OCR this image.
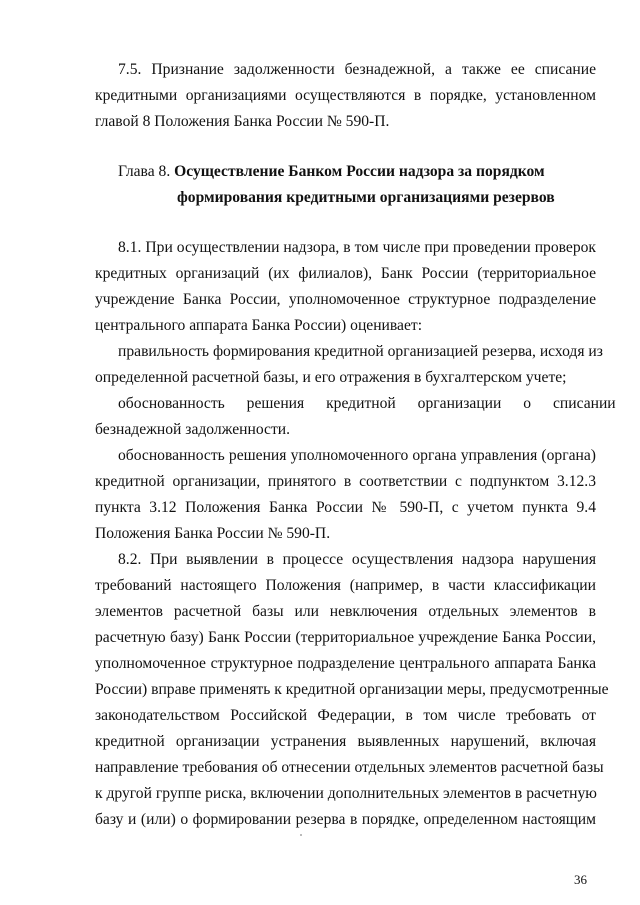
7.5. Признание задолженности безнадежной, а также ее списание
кредитными организациями осуществляются в порядке, установленном
главой 8 Положения Банка России № 590-П.
Глава 8. Осуществление Банком России надзора за порядком
формирования кредитными организациями резервов
8.1. При осуществлении надзора, в том числе при проведении проверок
кредитных организаций (их филиалов), Банк России (территориальное
учреждение Банка России, уполномоченное структурное подразделение
центрального аппарата Банка России) оценивает:
правильность формирования кредитной организацией резерва, исходя из
определенной расчетной базы, и его отражения в бухгалтерском учете;
обоснованность решения кредитной организации о списании
безнадежной задолженности.
обоснованность решения уполномоченного органа управления (органа)
кредитной организации, принятого в соответствии с подпунктом 3.12.3
пункта 3.12 Положения Банка России № 590-П, с учетом пункта 9.4
Положения Банка России № 590-П.
8.2. При выявлении в процессе осуществления надзора нарушения
требований настоящего Положения (например, в части классификации
элементов расчетной базы или невключения отдельных элементов в
расчетную базу) Банк России (территориальное учреждение Банка России,
уполномоченное структурное подразделение центрального аппарата Банка
России) вправе применять к кредитной организации меры, предусмотренные
законодательством Российской Федерации, в том числе требовать от
кредитной организации устранения выявленных нарушений, включая
направление требования об отнесении отдельных элементов расчетной базы
к другой группе риска, включении дополнительных элементов в расчетную
базу и (или) о формировании резерва в порядке, определенном настоящим
36
